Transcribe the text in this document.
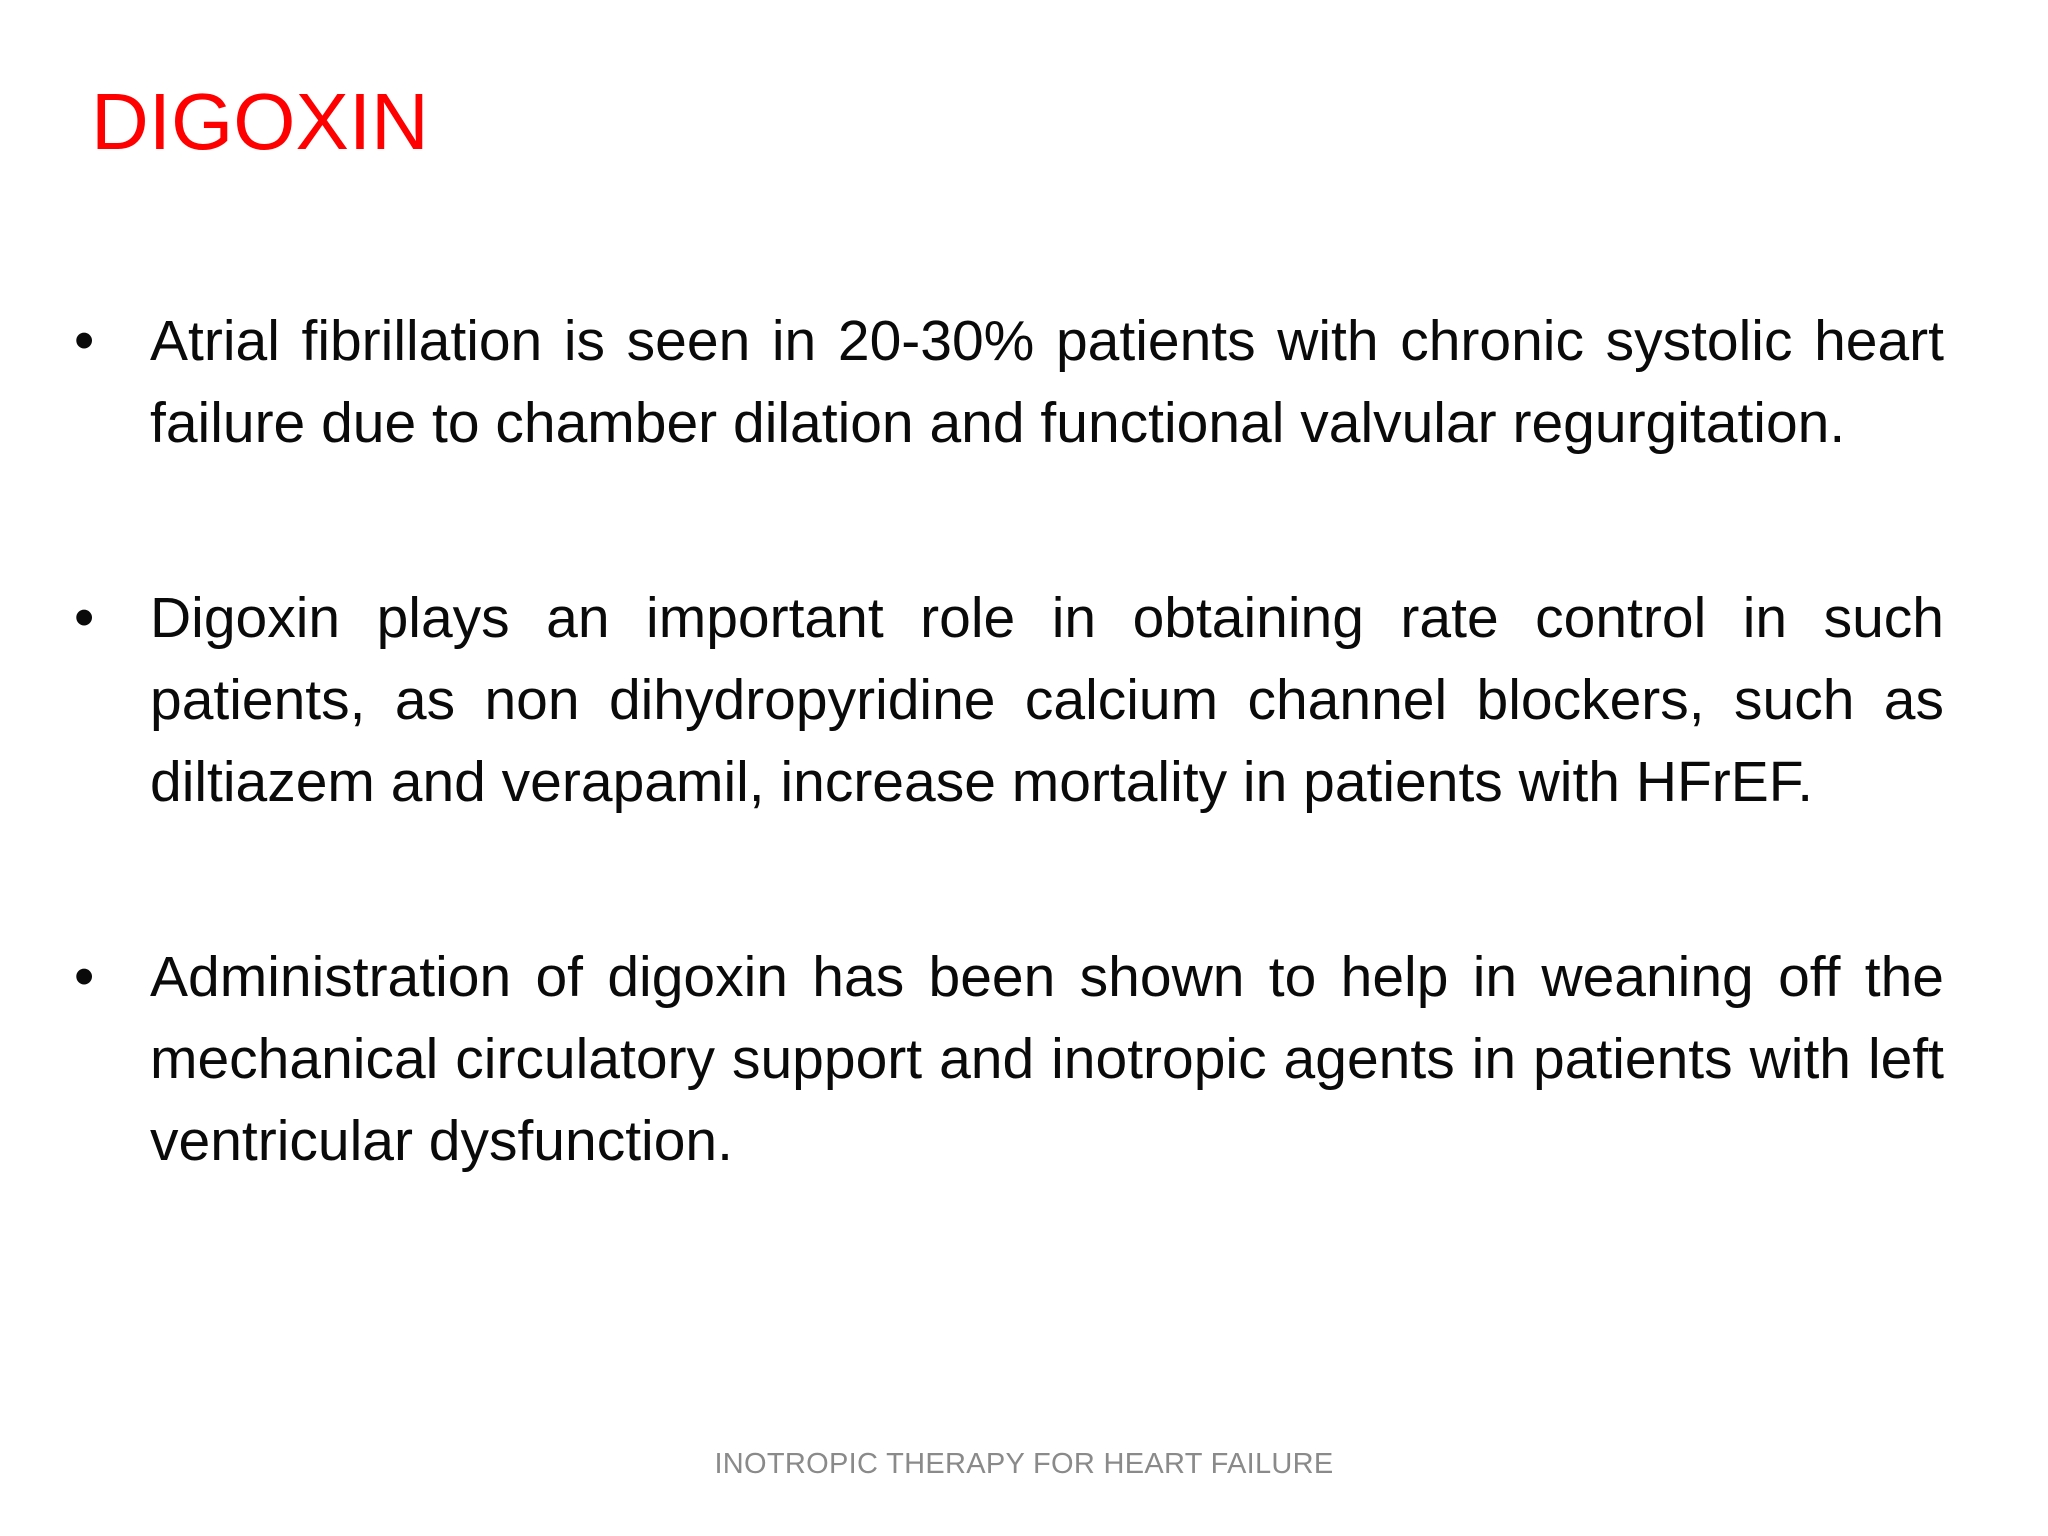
DIGOXIN
• Atrial fibrillation is seen in 20-30% patients with chronic systolic heart failure due to chamber dilation and functional valvular regurgitation.
• Digoxin plays an important role in obtaining rate control in such patients, as non dihydropyridine calcium channel blockers, such as diltiazem and verapamil, increase mortality in patients with HFrEF.
• Administration of digoxin has been shown to help in weaning off the mechanical circulatory support and inotropic agents in patients with left ventricular dysfunction.
INOTROPIC THERAPY FOR HEART FAILURE
